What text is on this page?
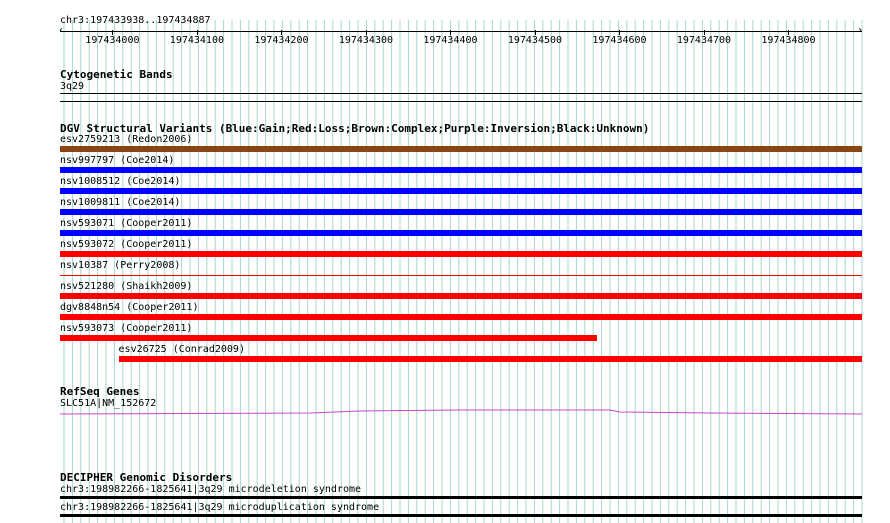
chr3:197433938..197434887
‹	›
197434000	197434100	197434200	197434300	197434400	197434500	197434600	197434700	197434800
Cytogenetic Bands
3q29
DGV Structural Variants (Blue:Gain;Red:Loss;Brown:Complex;Purple:Inversion;Black:Unknown)
esv2759213 (Redon2006)
nsv997797 (Coe2014)
nsv1008512 (Coe2014)
nsv1009811 (Coe2014)
nsv593071 (Cooper2011)
nsv593072 (Cooper2011)
nsv10387 (Perry2008)
nsv521280 (Shaikh2009)
dgv8848n54 (Cooper2011)
nsv593073 (Cooper2011)
esv26725 (Conrad2009)
RefSeq Genes
SLC51A|NM_152672
DECIPHER Genomic Disorders
chr3:198982266-1825641|3q29 microdeletion syndrome
chr3:198982266-1825641|3q29 microduplication syndrome
